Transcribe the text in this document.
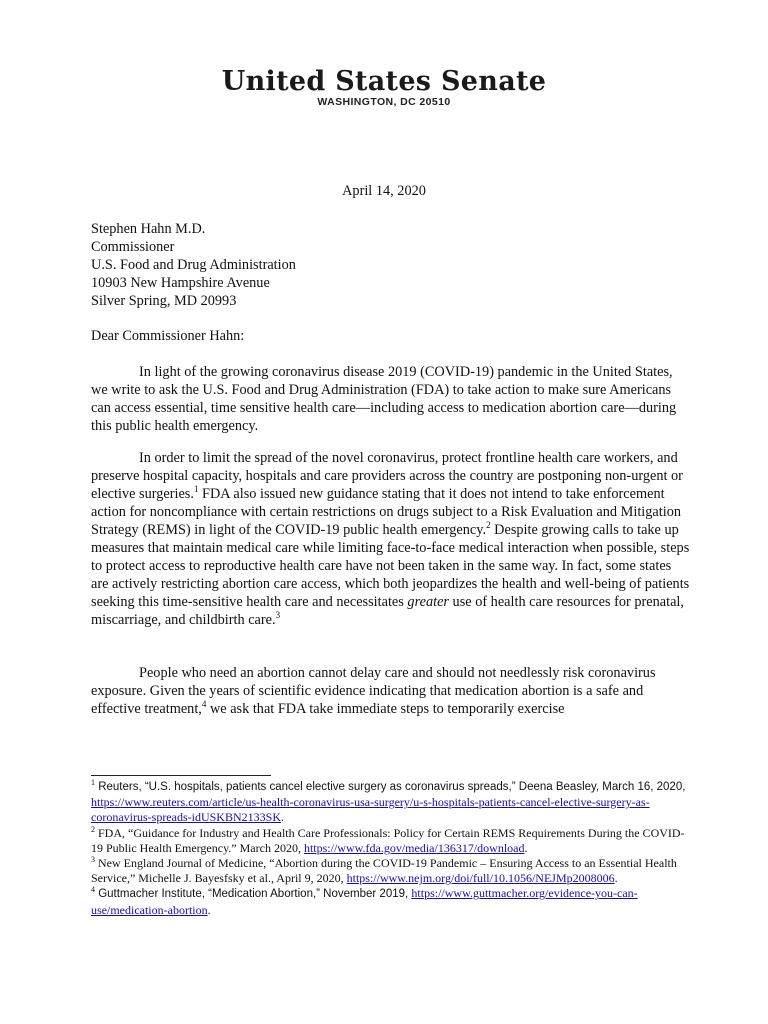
United States Senate
WASHINGTON, DC 20510
April 14, 2020
Stephen Hahn M.D.
Commissioner
U.S. Food and Drug Administration
10903 New Hampshire Avenue
Silver Spring, MD 20993
Dear Commissioner Hahn:

In light of the growing coronavirus disease 2019 (COVID-19) pandemic in the United States, we write to ask the U.S. Food and Drug Administration (FDA) to take action to make sure Americans can access essential, time sensitive health care—including access to medication abortion care—during this public health emergency.

In order to limit the spread of the novel coronavirus, protect frontline health care workers, and preserve hospital capacity, hospitals and care providers across the country are postponing non-urgent or elective surgeries.$^1$ FDA also issued new guidance stating that it does not intend to take enforcement action for noncompliance with certain restrictions on drugs subject to a Risk Evaluation and Mitigation Strategy (REMS) in light of the COVID-19 public health emergency.$^2$ Despite growing calls to take up measures that maintain medical care while limiting face-to-face medical interaction when possible, steps to protect access to reproductive health care have not been taken in the same way. In fact, some states are actively restricting abortion care access, which both jeopardizes the health and well-being of patients seeking this time-sensitive health care and necessitates greater use of health care resources for prenatal, miscarriage, and childbirth care.$^3$

People who need an abortion cannot delay care and should not needlessly risk coronavirus exposure. Given the years of scientific evidence indicating that medication abortion is a safe and effective treatment,$^4$ we ask that FDA take immediate steps to temporarily exercise

$^1$ Reuters, “U.S. hospitals, patients cancel elective surgery as coronavirus spreads,” Deena Beasley, March 16, 2020, https://www.reuters.com/article/us-health-coronavirus-usa-surgery/u-s-hospitals-patients-cancel-elective-surgery-as-coronavirus-spreads-idUSKBN2133SK.

$^2$ FDA, “Guidance for Industry and Health Care Professionals: Policy for Certain REMS Requirements During the COVID-19 Public Health Emergency.” March 2020, https://www.fda.gov/media/136317/download.

$^3$ New England Journal of Medicine, “Abortion during the COVID-19 Pandemic – Ensuring Access to an Essential Health Service,” Michelle J. Bayesfsky et al., April 9, 2020, https://www.nejm.org/doi/full/10.1056/NEJMp2008006.

$^4$ Guttmacher Institute, “Medication Abortion,” November 2019, https://www.guttmacher.org/evidence-you-can-use/medication-abortion.
